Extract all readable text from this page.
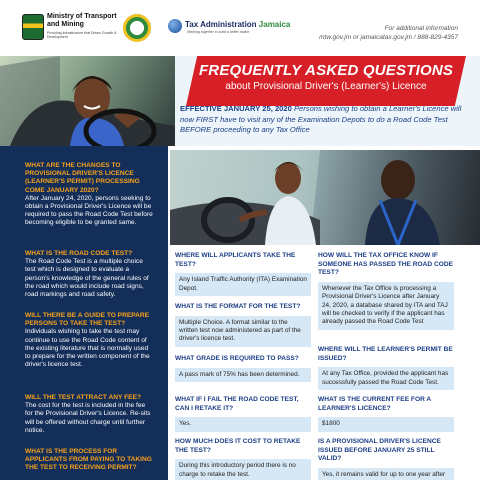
Ministry of Transport and Mining
Providing Infrastructure that Drives Growth & Development
Tax Administration Jamaica
Working together to build a better nation	For additional information
mtw.gov.jm or jamaicatax.gov.jm / 888-829-4357
FREQUENTLY ASKED QUESTIONS
about Provisional Driver's (Learner's) Licence
EFFECTIVE JANUARY 25, 2020 Persons wishing to obtain a Learner's Licence will now FIRST have to visit any of the Examination Depots to do a Road Code Test BEFORE proceeding to any Tax Office
WHAT ARE THE CHANGES TO PROVISIONAL DRIVER'S LICENCE (LEARNER'S PERMIT) PROCESSING COME JANUARY 2020?
After January 24, 2020, persons seeking to obtain a Provisional Driver's Licence will be required to pass the Road Code Test before becoming eligible to be granted same.
WHAT IS THE ROAD CODE TEST?
The Road Code Test is a multiple choice test which is designed to evaluate a person's knowledge of the general rules of the road which would include road signs, road markings and road safety.
WILL THERE BE A GUIDE TO PREPARE PERSONS TO TAKE THE TEST?
Individuals wishing to take the test may continue to use the Road Code content of the existing literature that is normally used to prepare for the written component of the driver's licence test.
WILL THE TEST ATTRACT ANY FEE?
The cost for the test is included in the fee for the Provisional Driver's Licence. Re-sits will be offered without charge until further notice.
WHAT IS THE PROCESS FOR APPLICANTS FROM PAYING TO TAKING THE TEST TO RECEIVING PERMIT?
WHERE WILL APPLICANTS TAKE THE TEST?
Any Island Traffic Authority (ITA) Examination Depot.
WHAT IS THE FORMAT FOR THE TEST?
Multiple Choice. A format similar to the written test now administered as part of the driver's licence test.
WHAT GRADE IS REQUIRED TO PASS?
A pass mark of 75% has been determined.
WHAT IF I FAIL THE ROAD CODE TEST, CAN I RETAKE IT?
Yes.
HOW MUCH DOES IT COST TO RETAKE THE TEST?
During this introductory period there is no charge to retake the test.
HOW WILL THE TAX OFFICE KNOW IF SOMEONE HAS PASSED THE ROAD CODE TEST?
Whenever the Tax Office is processing a Provisional Driver's Licence after January 24, 2020, a database shared by ITA and TAJ will be checked to verify if the applicant has already passed the Road Code Test
WHERE WILL THE LEARNER'S PERMIT BE ISSUED?
At any Tax Office, provided the applicant has successfully passed the Road Code Test.
WHAT IS THE CURRENT FEE FOR A LEARNER'S LICENCE?
$1800
IS A PROVISIONAL DRIVER'S LICENCE ISSUED BEFORE JANUARY 25 STILL VALID?
Yes, it remains valid for up to one year after
